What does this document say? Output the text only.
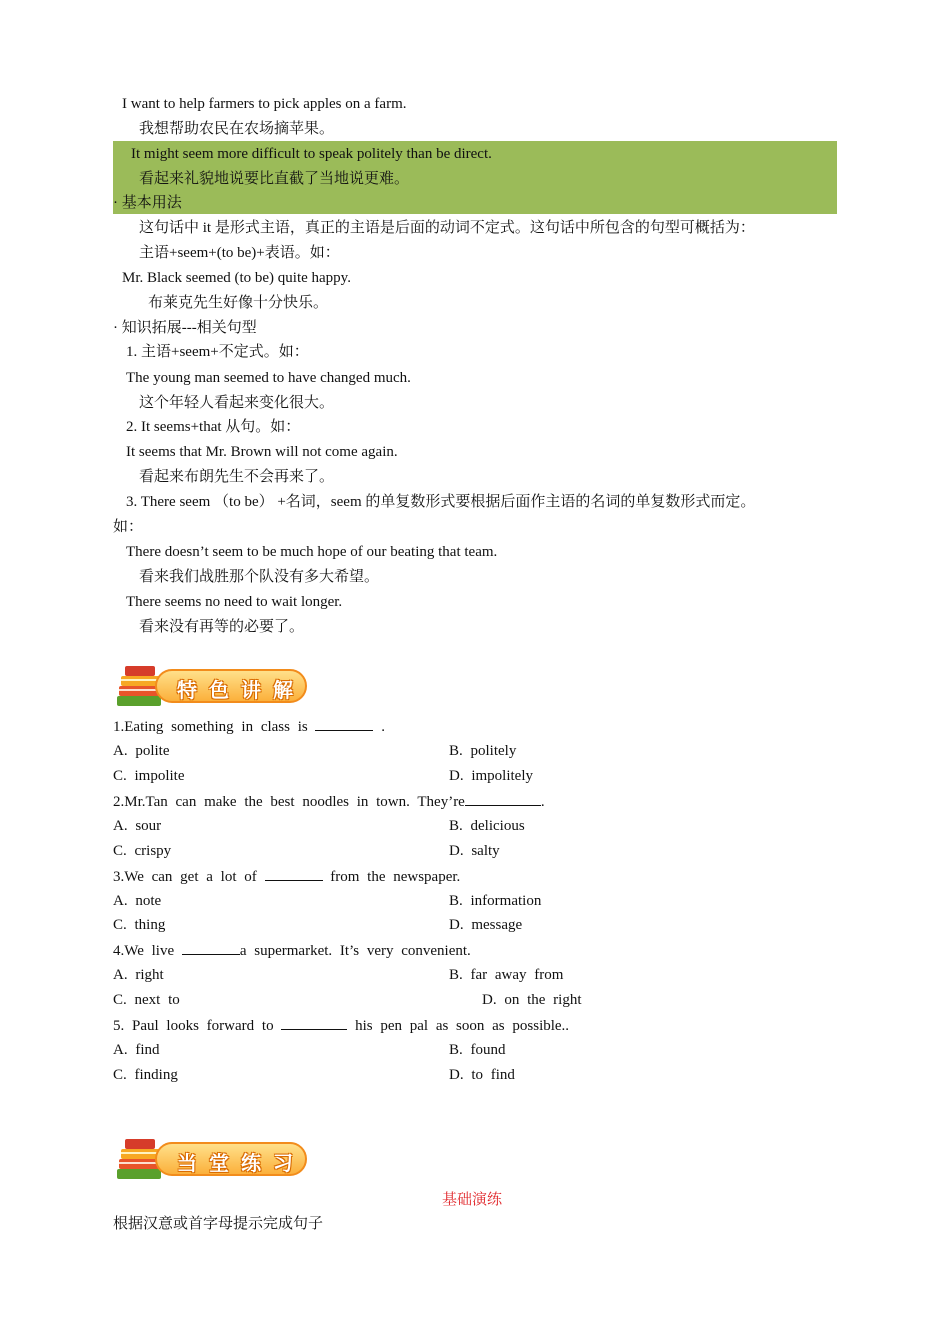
I want to help farmers to pick apples on a farm.
我想帮助农民在农场摘苹果。
It might seem more difficult to speak politely than be direct.
看起来礼貌地说要比直截了当地说更难。
· 基本用法
这句话中 it 是形式主语，真正的主语是后面的动词不定式。这句话中所包含的句型可概括为：
主语+seem+(to be)+表语。如：
Mr. Black seemed (to be) quite happy.
布莱克先生好像十分快乐。
· 知识拓展---相关句型
1. 主语+seem+不定式。如：
The young man seemed to have changed much.
这个年轻人看起来变化很大。
2. It seems+that 从句。如：
It seems that Mr. Brown will not come again.
看起来布朗先生不会再来了。
3. There seem （to be） +名词，seem 的单复数形式要根据后面作主语的名词的单复数形式而定。
如：
There doesn’t seem to be much hope of our beating that team.
看来我们战胜那个队没有多大希望。
There seems no need to wait longer.
看来没有再等的必要了。
特色讲解
1.Eating something in class is	.
A. polite	B. politely
C. impolite	D. impolitely
2.Mr.Tan can make the best noodles in town. They’re	.
A. sour	B. delicious
C. crispy	D. salty
3.We can get a lot of	from the newspaper.
A. note	B. information
C. thing	D. message
4.We live	a supermarket. It’s very convenient.
A. right	B. far away from
C. next to	D. on the right
5. Paul looks forward to	his pen pal as soon as possible..
A. find	B. found
C. finding	D. to find
当堂练习
基础演练
根据汉意或首字母提示完成句子
